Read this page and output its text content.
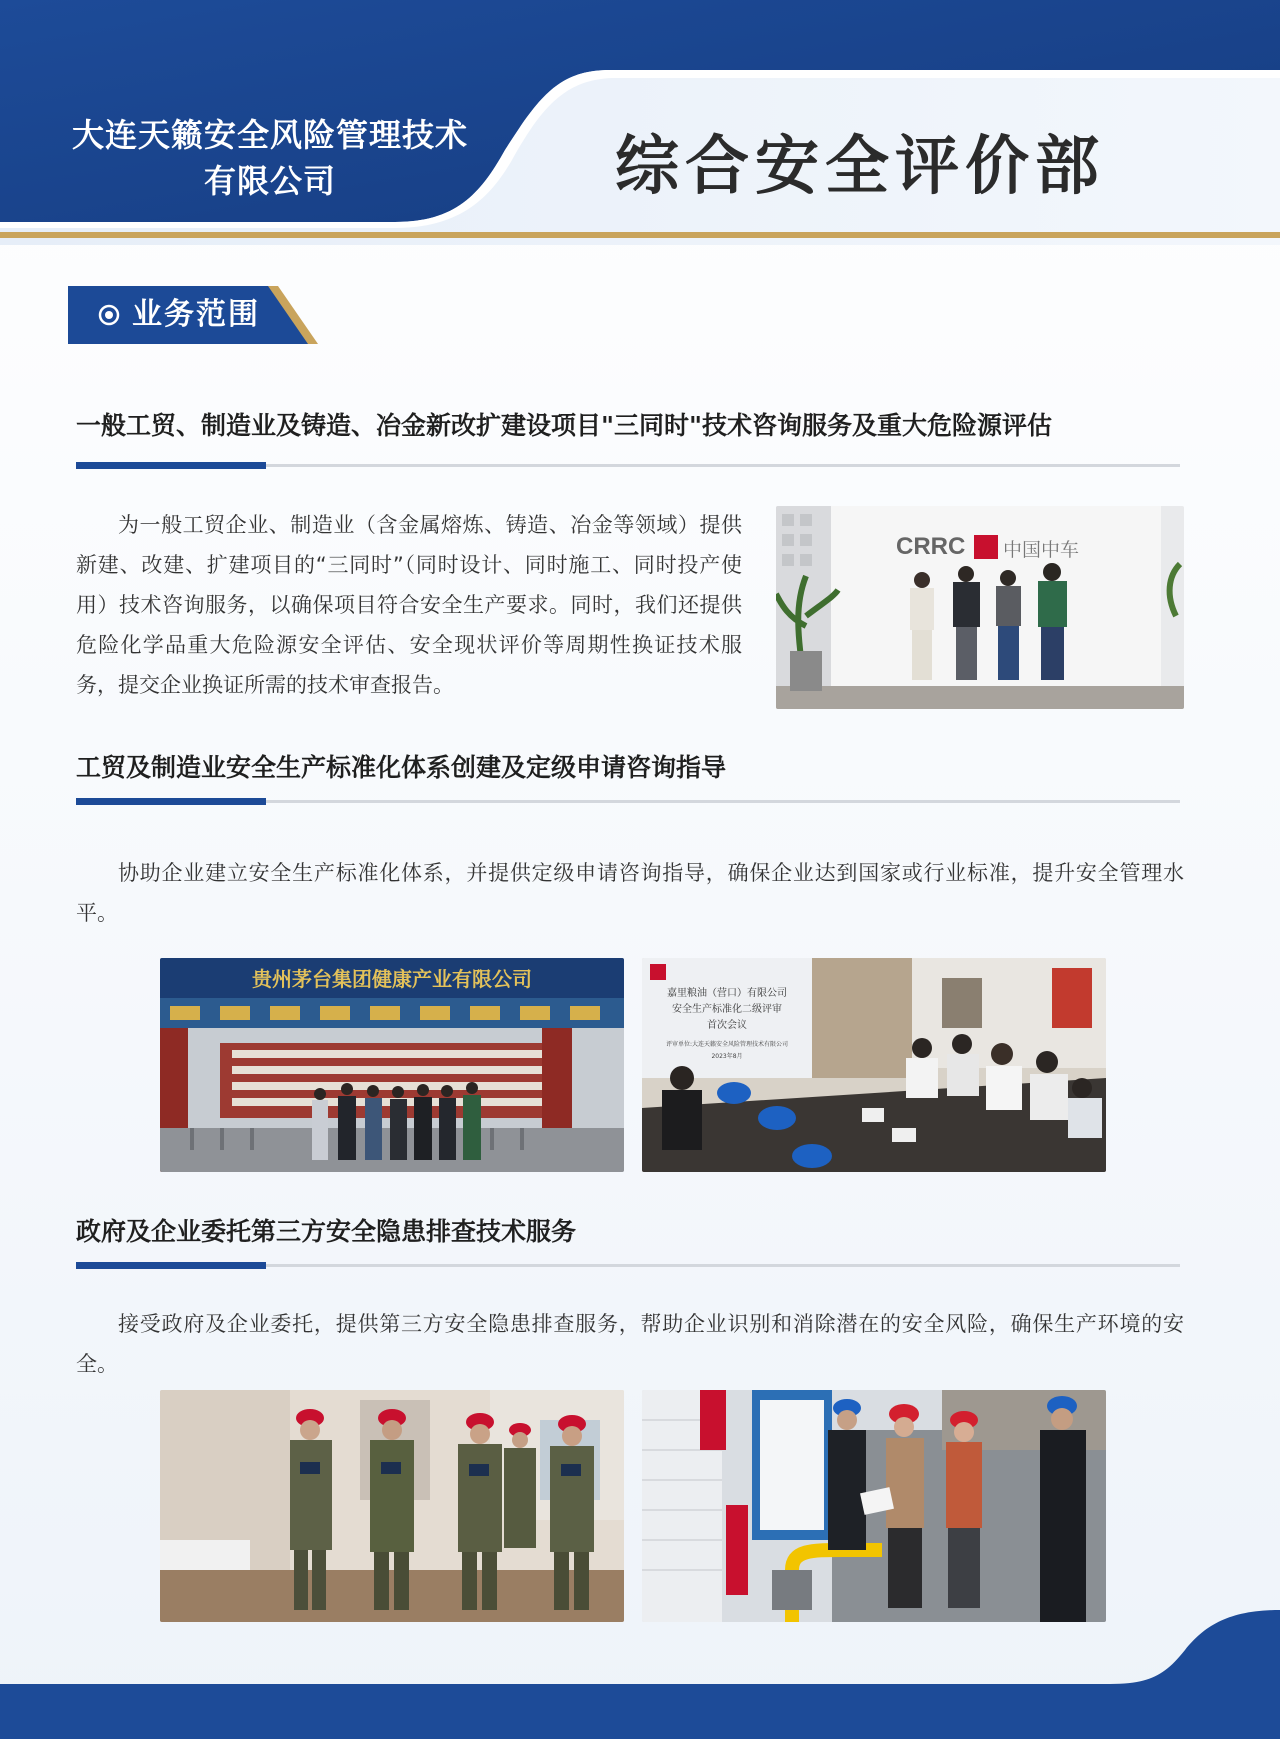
大连天籁安全风险管理技术
有限公司	综合安全评价部
业务范围
一般工贸、制造业及铸造、冶金新改扩建设项目"三同时"技术咨询服务及重大危险源评估
为一般工贸企业、制造业（含金属熔炼、铸造、冶金等领域）提供新建、改建、扩建项目的“三同时”（同时设计、同时施工、同时投产使用）技术咨询服务，以确保项目符合安全生产要求。同时，我们还提供危险化学品重大危险源安全评估、安全现状评价等周期性换证技术服务，提交企业换证所需的技术审查报告。
CRRC 中国中车
工贸及制造业安全生产标准化体系创建及定级申请咨询指导
协助企业建立安全生产标准化体系，并提供定级申请咨询指导，确保企业达到国家或行业标准，提升安全管理水平。
贵州茅台集团健康产业有限公司
嘉里粮油（营口）有限公司
安全生产标准化二级评审
首次会议
评审单位:大连天籁安全风险管理技术有限公司
2023年8月
政府及企业委托第三方安全隐患排查技术服务
接受政府及企业委托，提供第三方安全隐患排查服务，帮助企业识别和消除潜在的安全风险，确保生产环境的安全。
